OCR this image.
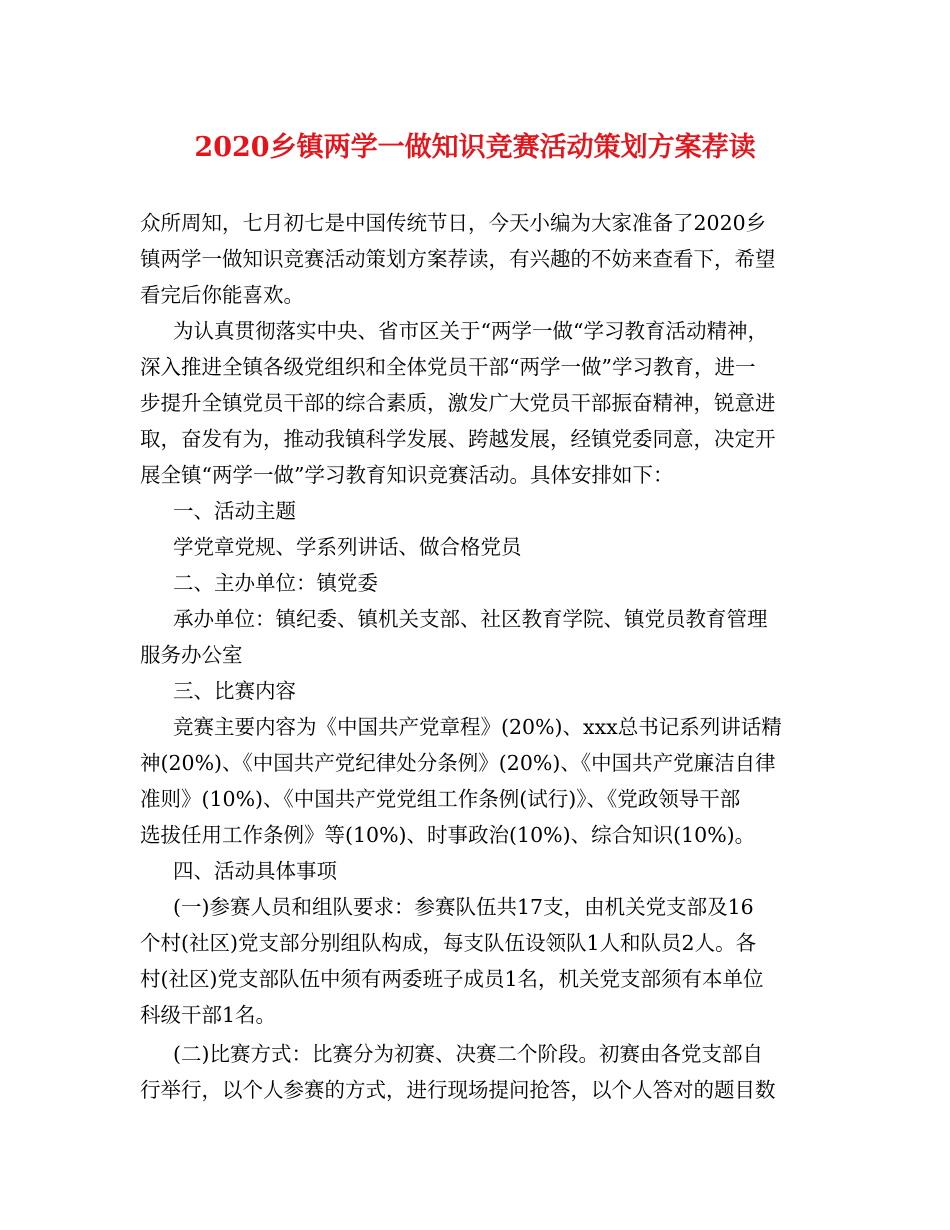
2020乡镇两学一做知识竞赛活动策划方案荐读
众所周知，七月初七是中国传统节日，今天小编为大家准备了2020乡
镇两学一做知识竞赛活动策划方案荐读，有兴趣的不妨来查看下，希望
看完后你能喜欢。
为认真贯彻落实中央、省市区关于“两学一做“学习教育活动精神，
深入推进全镇各级党组织和全体党员干部“两学一做”学习教育，进一
步提升全镇党员干部的综合素质，激发广大党员干部振奋精神，锐意进
取，奋发有为，推动我镇科学发展、跨越发展，经镇党委同意，决定开
展全镇“两学一做”学习教育知识竞赛活动。具体安排如下：
一、活动主题
学党章党规、学系列讲话、做合格党员
二、主办单位：镇党委
承办单位：镇纪委、镇机关支部、社区教育学院、镇党员教育管理
服务办公室
三、比赛内容
竞赛主要内容为《中国共产党章程》(20%)、xxx总书记系列讲话精
神(20%)、《中国共产党纪律处分条例》(20%)、《中国共产党廉洁自律
准则》(10%)、《中国共产党党组工作条例(试行)》、《党政领导干部
选拔任用工作条例》等(10%)、时事政治(10%)、综合知识(10%)。
四、活动具体事项
(一)参赛人员和组队要求：参赛队伍共17支，由机关党支部及16
个村(社区)党支部分别组队构成，每支队伍设领队1人和队员2人。各
村(社区)党支部队伍中须有两委班子成员1名，机关党支部须有本单位
科级干部1名。
(二)比赛方式：比赛分为初赛、决赛二个阶段。初赛由各党支部自
行举行，以个人参赛的方式，进行现场提问抢答，以个人答对的题目数
